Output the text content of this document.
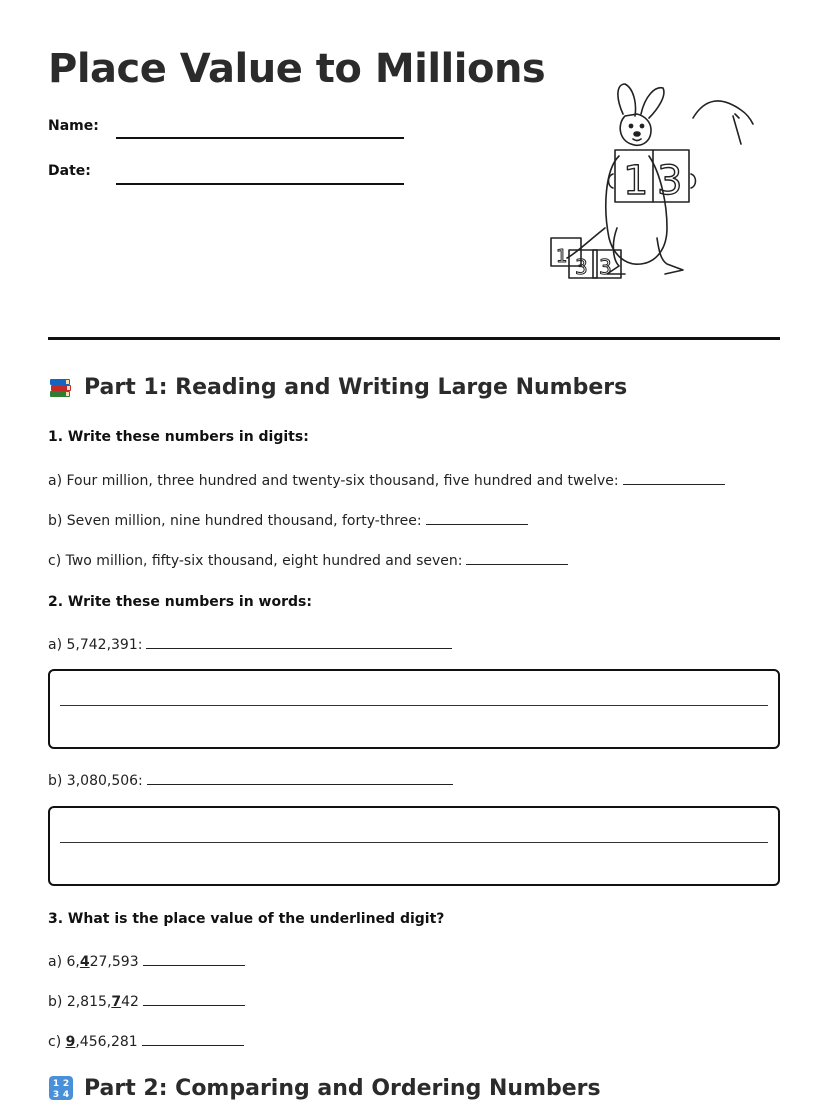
Place Value to Millions
Name:
Date:	1 3
1 3 3
Part 1: Reading and Writing Large Numbers
1. Write these numbers in digits:
a) Four million, three hundred and twenty-six thousand, five hundred and twelve:
b) Seven million, nine hundred thousand, forty-three:
c) Two million, fifty-six thousand, eight hundred and seven:
2. Write these numbers in words:
a) 5,742,391:
b) 3,080,506:
3. What is the place value of the underlined digit?
a) 6,427,593
b) 2,815,742
c) 9,456,281
1 2
3 4 Part 2: Comparing and Ordering Numbers
